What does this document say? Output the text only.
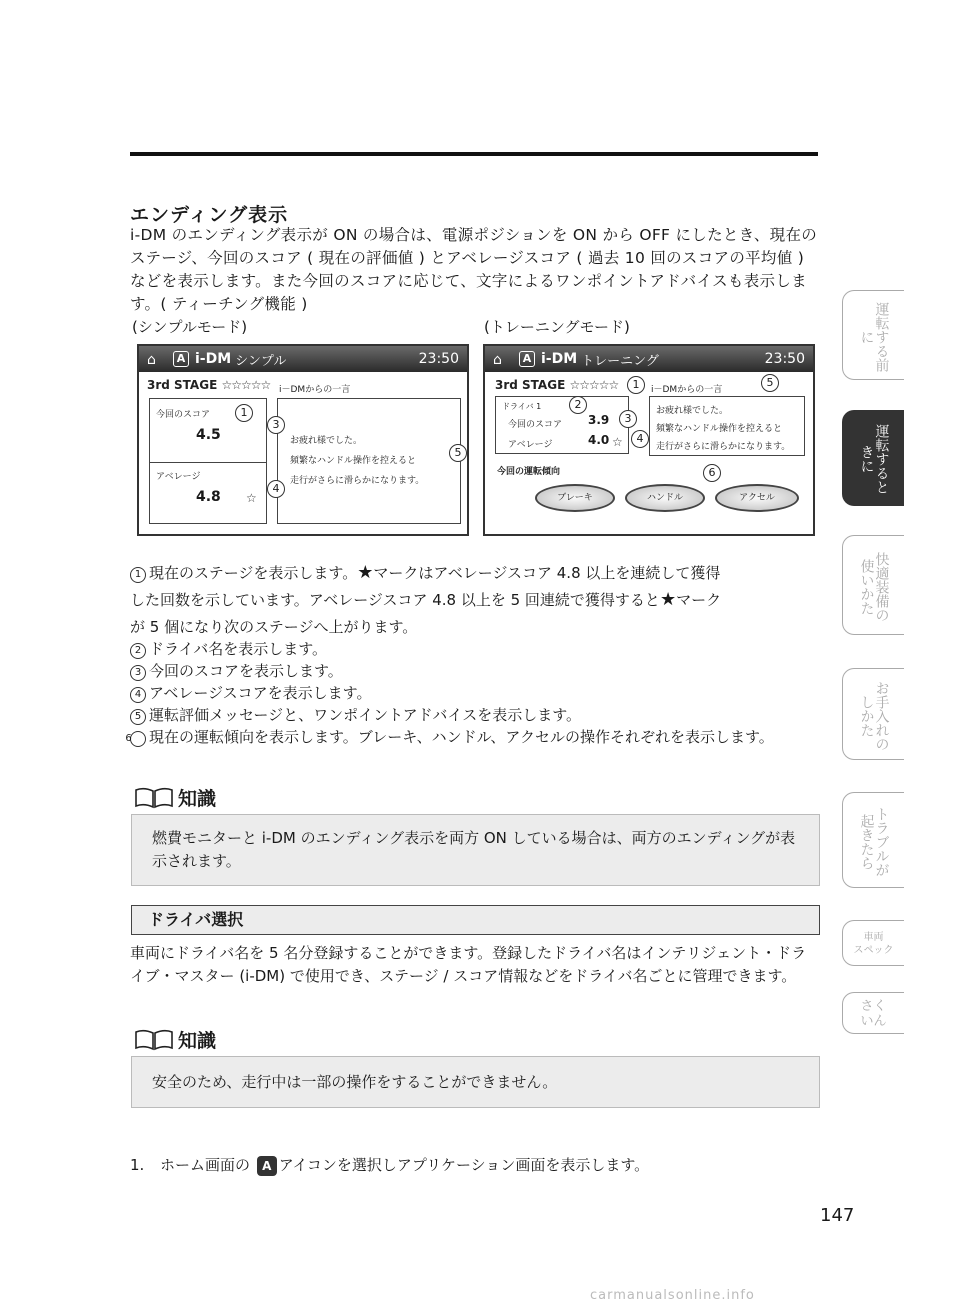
エンディング表示
i-DM のエンディング表示が ON の場合は、電源ポジションを ON から OFF にしたとき、現在のステージ、今回のスコア ( 現在の評価値 ) とアベレージスコア ( 過去 10 回のスコアの平均値 ) などを表示します。また今回のスコアに応じて、文字によるワンポイントアドバイスも表示します。( ティーチング機能 )
(シンプルモード)	(トレーニングモード)
⌂	A i-DM シンプル	23:50
3rd STAGE ☆☆☆☆☆ i－DMからの一言
今回のスコア
4.5
アベレージ
4.8 ☆
お疲れ様でした。
頻繁なハンドル操作を控えると
走行がさらに滑らかになります。
1
3
4
5
⌂	A i-DM トレーニング	23:50
3rd STAGE ☆☆☆☆☆	i－DMからの一言
ドライバ 1
今回のスコア 3.9
アベレージ	4.0 ☆
お疲れ様でした。
頻繁なハンドル操作を控えると
走行がさらに滑らかになります。
今回の運転傾向
ブレーキ	ハンドル	アクセル
1
2
3
4
5
6
1 現在のステージを表示します。★マークはアベレージスコア 4.8 以上を連続して獲得
した回数を示しています。アベレージスコア 4.8 以上を 5 回連続で獲得すると★マーク
が 5 個になり次のステージへ上がります。
2 ドライバ名を表示します。
3 今回のスコアを表示します。
4 アベレージスコアを表示します。
5 運転評価メッセージと、ワンポイントアドバイスを表示します。
6 現在の運転傾向を表示します。ブレーキ、ハンドル、アクセルの操作それぞれを表示します。
知識
燃費モニターと i-DM のエンディング表示を両方 ON している場合は、両方のエンディングが表示されます。
ドライバ選択
車両にドライバ名を 5 名分登録することができます。登録したドライバ名はインテリジェント・ドライブ・マスター (i-DM) で使用でき、ステージ / スコア情報などをドライバ名ごとに管理できます。
知識
安全のため、走行中は一部の操作をすることができません。
1. ホーム画面の A アイコンを選択しアプリケーション画面を表示します。
運転する前に
運転するときに
快適装備の使いかた
お手入れのしかた
トラブルが起きたら
車両
スペック
さくいん
147
carmanualsonline.info
